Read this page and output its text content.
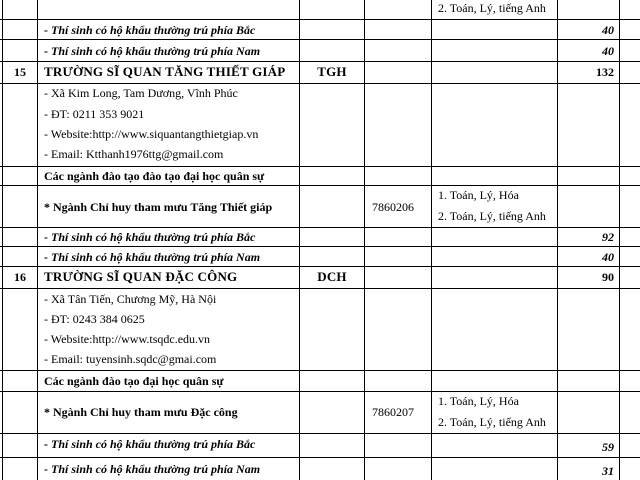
2. Toán, Lý, tiếng Anh
- Thí sinh có hộ khẩu thường trú phía Bắc	40
- Thí sinh có hộ khẩu thường trú phía Nam	40
15	TRƯỜNG SĨ QUAN TĂNG THIẾT GIÁP	TGH	132
- Xã Kim Long, Tam Dương, Vĩnh Phúc
- ĐT: 0211 353 9021
- Website:http://www.siquantangthietgiap.vn
- Email: Ktthanh1976ttg@gmail.com
Các ngành đào tạo đào tạo đại học quân sự
* Ngành Chỉ huy tham mưu Tăng Thiết giáp	7860206
1. Toán, Lý, Hóa
2. Toán, Lý, tiếng Anh
- Thí sinh có hộ khẩu thường trú phía Bắc	92
- Thí sinh có hộ khẩu thường trú phía Nam	40
16	TRƯỜNG SĨ QUAN ĐẶC CÔNG	DCH	90
- Xã Tân Tiến, Chương Mỹ, Hà Nội
- ĐT: 0243 384 0625
- Website:http://www.tsqdc.edu.vn
- Email: tuyensinh.sqdc@gmai.com
Các ngành đào tạo đại học quân sự
* Ngành Chỉ huy tham mưu Đặc công	7860207
1. Toán, Lý, Hóa
2. Toán, Lý, tiếng Anh
- Thí sinh có hộ khẩu thường trú phía Bắc	59
- Thí sinh có hộ khẩu thường trú phía Nam	31
